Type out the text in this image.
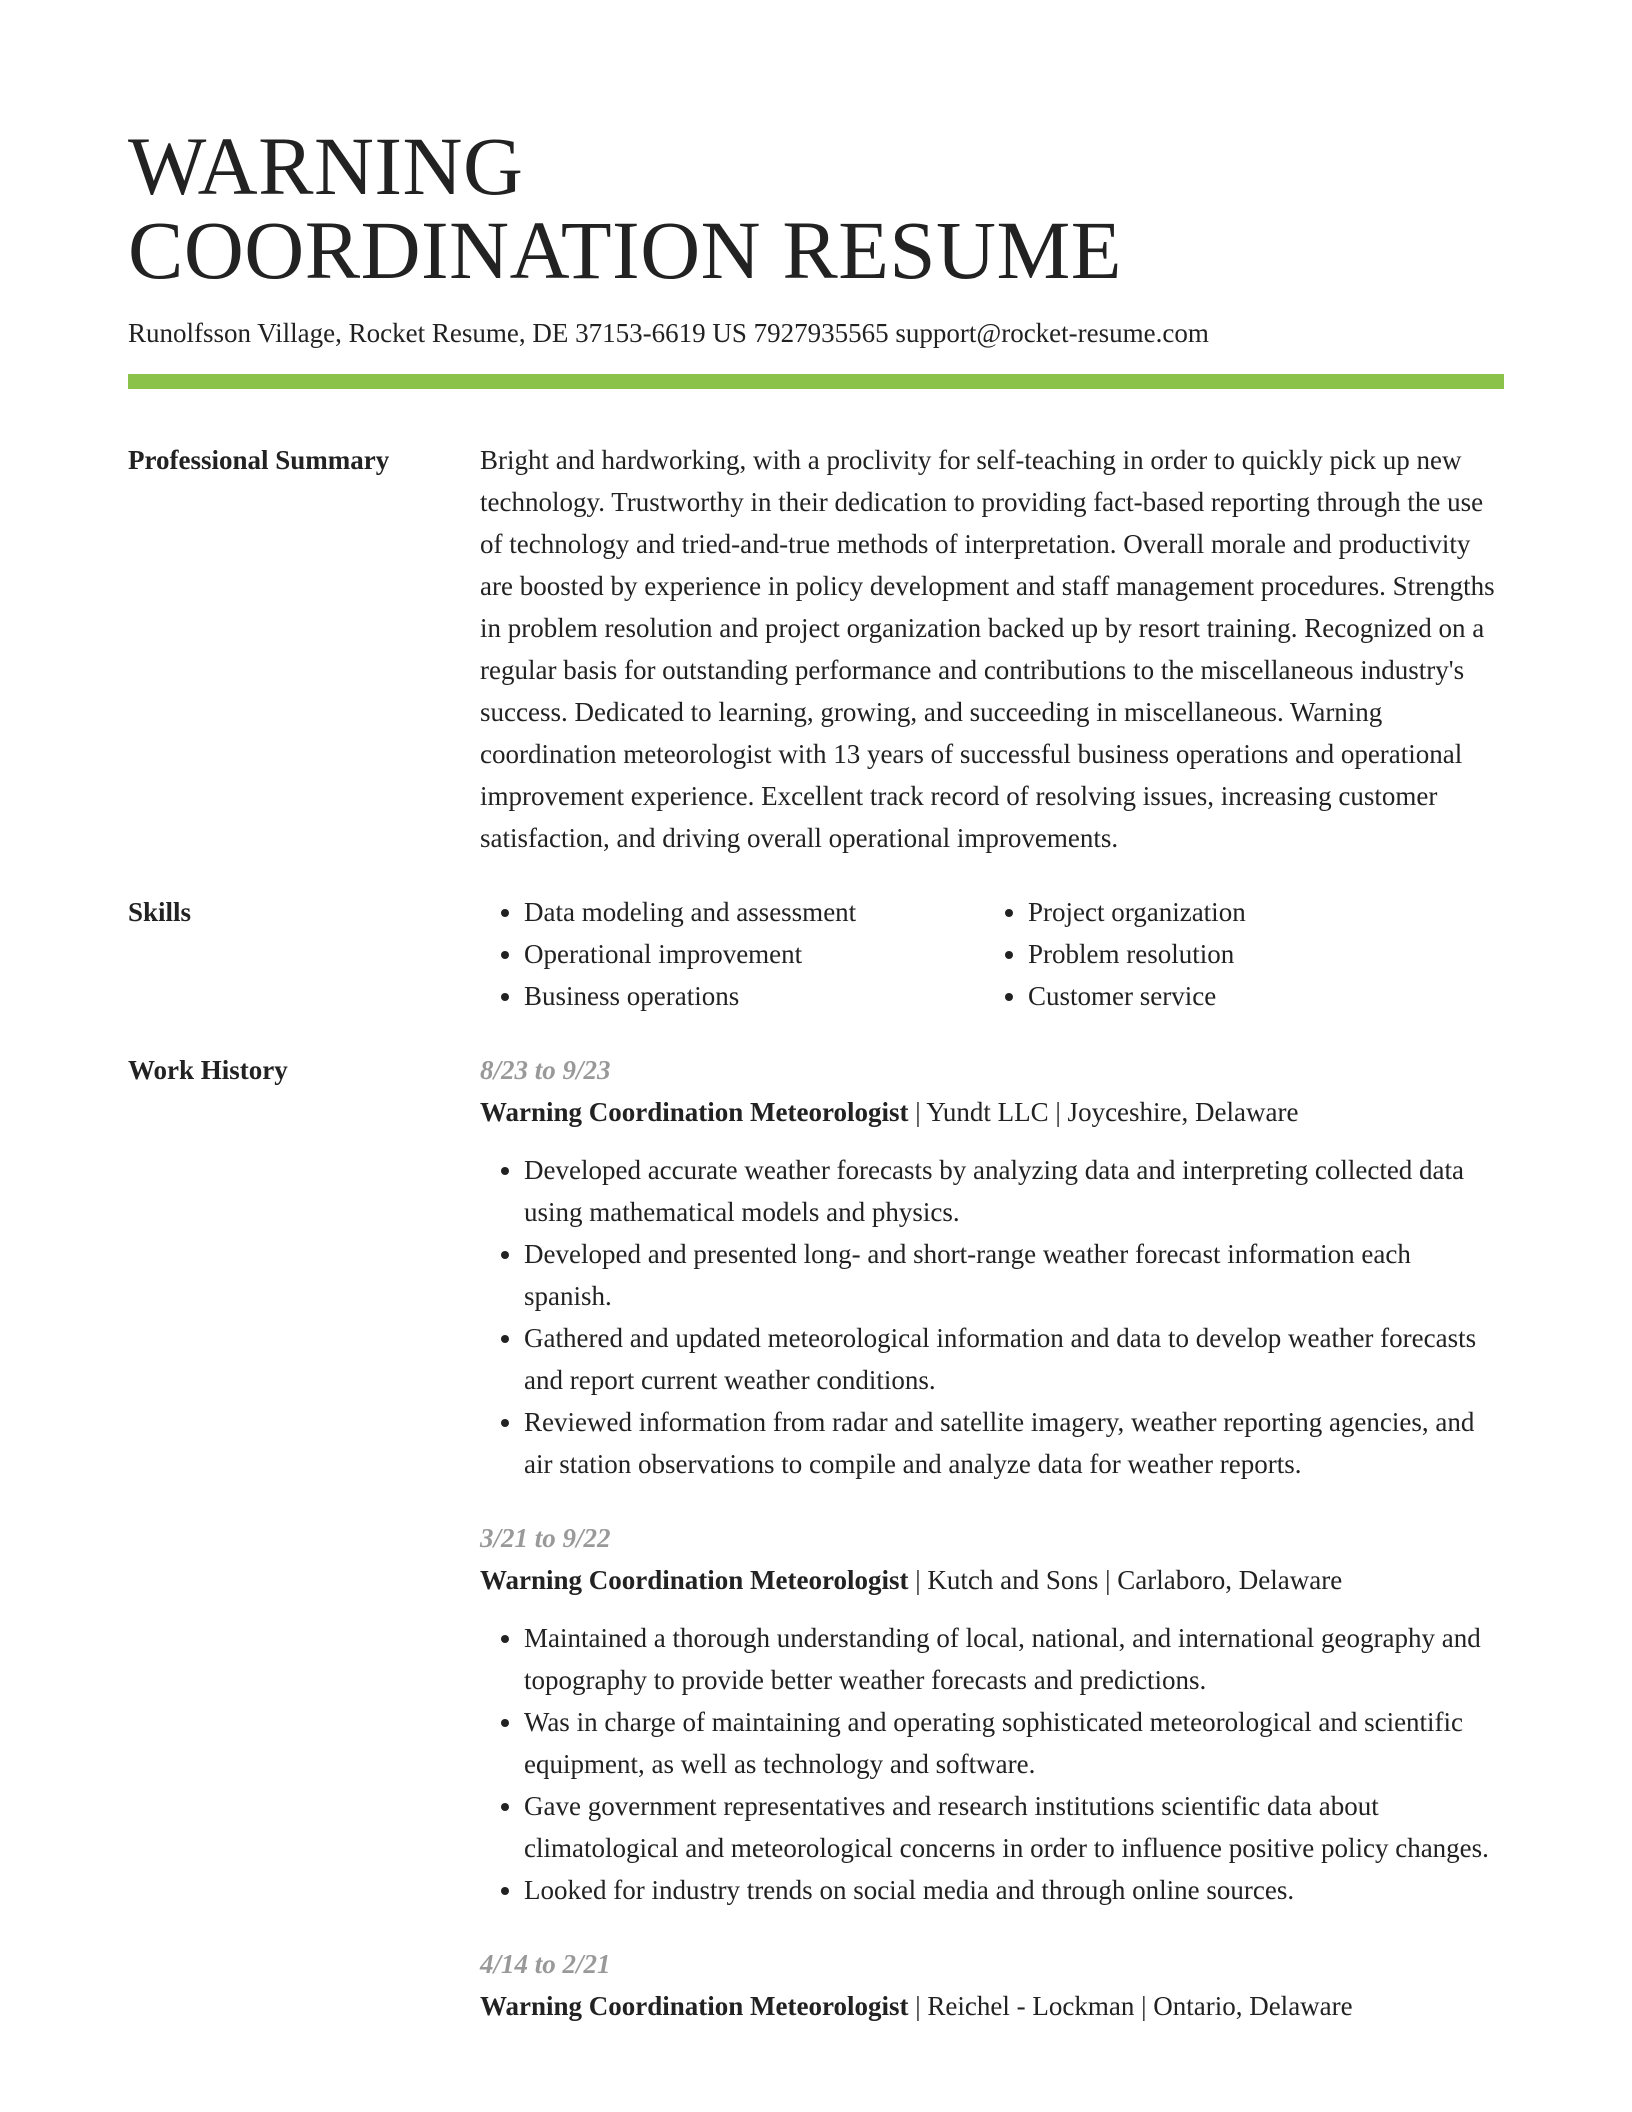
WARNING
COORDINATION RESUME
Runolfsson Village, Rocket Resume, DE 37153-6619 US 7927935565 support@rocket-resume.com
Professional Summary	Bright and hardworking, with a proclivity for self-teaching in order to quickly pick up new technology. Trustworthy in their dedication to providing fact-based reporting through the use of technology and tried-and-true methods of interpretation. Overall morale and productivity are boosted by experience in policy development and staff management procedures. Strengths in problem resolution and project organization backed up by resort training. Recognized on a regular basis for outstanding performance and contributions to the miscellaneous industry's success. Dedicated to learning, growing, and succeeding in miscellaneous. Warning coordination meteorologist with 13 years of successful business operations and operational improvement experience. Excellent track record of resolving issues, increasing customer satisfaction, and driving overall operational improvements.

Skills
•	Data modeling and assessment
• Operational improvement
• Business operations
• Project organization
• Problem resolution
• Customer service
Work History	8/23 to 9/23
Warning Coordination Meteorologist | Yundt LLC | Joyceshire, Delaware
• Developed accurate weather forecasts by analyzing data and interpreting collected data using mathematical models and physics.
• Developed and presented long- and short-range weather forecast information each spanish.
• Gathered and updated meteorological information and data to develop weather forecasts and report current weather conditions.
• Reviewed information from radar and satellite imagery, weather reporting agencies, and air station observations to compile and analyze data for weather reports.
3/21 to 9/22
Warning Coordination Meteorologist | Kutch and Sons | Carlaboro, Delaware
• Maintained a thorough understanding of local, national, and international geography and topography to provide better weather forecasts and predictions.
• Was in charge of maintaining and operating sophisticated meteorological and scientific equipment, as well as technology and software.
• Gave government representatives and research institutions scientific data about climatological and meteorological concerns in order to influence positive policy changes.
• Looked for industry trends on social media and through online sources.
4/14 to 2/21
Warning Coordination Meteorologist | Reichel - Lockman | Ontario, Delaware
